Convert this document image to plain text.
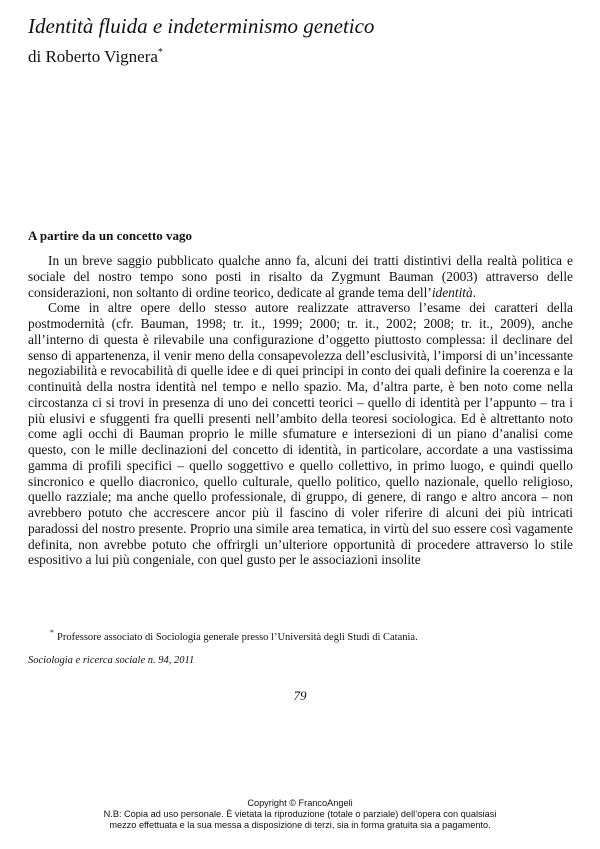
Identità fluida e indeterminismo genetico
di Roberto Vignera*
A partire da un concetto vago

In un breve saggio pubblicato qualche anno fa, alcuni dei tratti distintivi della realtà politica e sociale del nostro tempo sono posti in risalto da Zygmunt Bauman (2003) attraverso delle considerazioni, non soltanto di ordine teorico, dedicate al grande tema dell’identità.

Come in altre opere dello stesso autore realizzate attraverso l’esame dei caratteri della postmodernità (cfr. Bauman, 1998; tr. it., 1999; 2000; tr. it., 2002; 2008; tr. it., 2009), anche all’interno di questa è rilevabile una configurazione d’oggetto piuttosto complessa: il declinare del senso di appartenenza, il venir meno della consapevolezza dell’esclusività, l’imporsi di un’incessante negoziabilità e revocabilità di quelle idee e di quei principi in conto dei quali definire la coerenza e la continuità della nostra identità nel tempo e nello spazio. Ma, d’altra parte, è ben noto come nella circostanza ci si trovi in presenza di uno dei concetti teorici – quello di identità per l’appunto – tra i più elusivi e sfuggenti fra quelli presenti nell’ambito della teoresi sociologica. Ed è altrettanto noto come agli occhi di Bauman proprio le mille sfumature e intersezioni di un piano d’analisi come questo, con le mille declinazioni del concetto di identità, in particolare, accordate a una vastissima gamma di profili specifici – quello soggettivo e quello collettivo, in primo luogo, e quindi quello sincronico e quello diacronico, quello culturale, quello politico, quello nazionale, quello religioso, quello razziale; ma anche quello professionale, di gruppo, di genere, di rango e altro ancora – non avrebbero potuto che accrescere ancor più il fascino di voler riferire di alcuni dei più intricati paradossi del nostro presente. Proprio una simile area tematica, in virtù del suo essere così vagamente definita, non avrebbe potuto che offrirgli un’ulteriore opportunità di procedere attraverso lo stile espositivo a lui più congeniale, con quel gusto per le associazioni insolite

* Professore associato di Sociologia generale presso l’Università degli Studi di Catania.
Sociologia e ricerca sociale n. 94, 2011
79
Copyright © FrancoAngeli
N.B: Copia ad uso personale. È vietata la riproduzione (totale o parziale) dell’opera con qualsiasi
mezzo effettuata e la sua messa a disposizione di terzi, sia in forma gratuita sia a pagamento.
